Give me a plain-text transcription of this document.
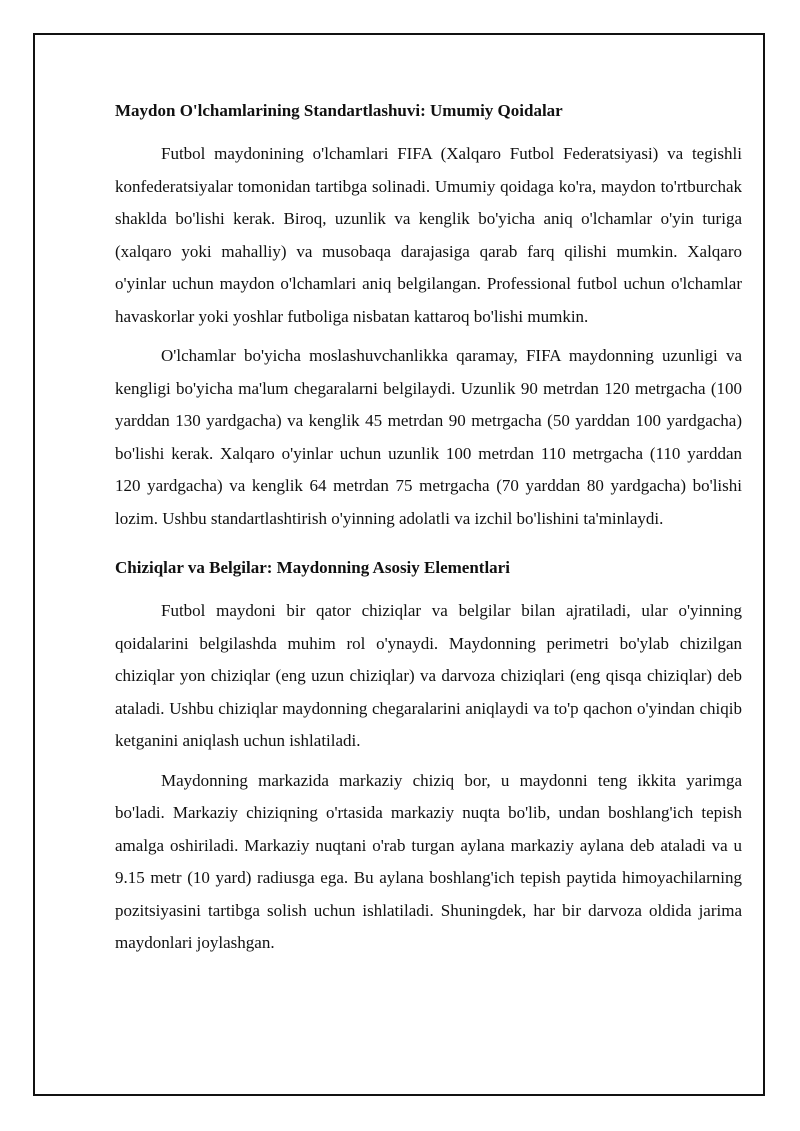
Maydon O'lchamlarining Standartlashuvi: Umumiy Qoidalar

Futbol maydonining o'lchamlari FIFA (Xalqaro Futbol Federatsiyasi) va tegishli konfederatsiyalar tomonidan tartibga solinadi. Umumiy qoidaga ko'ra, maydon to'rtburchak shaklda bo'lishi kerak. Biroq, uzunlik va kenglik bo'yicha aniq o'lchamlar o'yin turiga (xalqaro yoki mahalliy) va musobaqa darajasiga qarab farq qilishi mumkin. Xalqaro o'yinlar uchun maydon o'lchamlari aniq belgilangan. Professional futbol uchun o'lchamlar havaskorlar yoki yoshlar futboliga nisbatan kattaroq bo'lishi mumkin.

O'lchamlar bo'yicha moslashuvchanlikka qaramay, FIFA maydonning uzunligi va kengligi bo'yicha ma'lum chegaralarni belgilaydi. Uzunlik 90 metrdan 120 metrgacha (100 yarddan 130 yardgacha) va kenglik 45 metrdan 90 metrgacha (50 yarddan 100 yardgacha) bo'lishi kerak. Xalqaro o'yinlar uchun uzunlik 100 metrdan 110 metrgacha (110 yarddan 120 yardgacha) va kenglik 64 metrdan 75 metrgacha (70 yarddan 80 yardgacha) bo'lishi lozim. Ushbu standartlashtirish o'yinning adolatli va izchil bo'lishini ta'minlaydi.

Chiziqlar va Belgilar: Maydonning Asosiy Elementlari

Futbol maydoni bir qator chiziqlar va belgilar bilan ajratiladi, ular o'yinning qoidalarini belgilashda muhim rol o'ynaydi. Maydonning perimetri bo'ylab chizilgan chiziqlar yon chiziqlar (eng uzun chiziqlar) va darvoza chiziqlari (eng qisqa chiziqlar) deb ataladi. Ushbu chiziqlar maydonning chegaralarini aniqlaydi va to'p qachon o'yindan chiqib ketganini aniqlash uchun ishlatiladi.

Maydonning markazida markaziy chiziq bor, u maydonni teng ikkita yarimga bo'ladi. Markaziy chiziqning o'rtasida markaziy nuqta bo'lib, undan boshlang'ich tepish amalga oshiriladi. Markaziy nuqtani o'rab turgan aylana markaziy aylana deb ataladi va u 9.15 metr (10 yard) radiusga ega. Bu aylana boshlang'ich tepish paytida himoyachilarning pozitsiyasini tartibga solish uchun ishlatiladi. Shuningdek, har bir darvoza oldida jarima maydonlari joylashgan.
